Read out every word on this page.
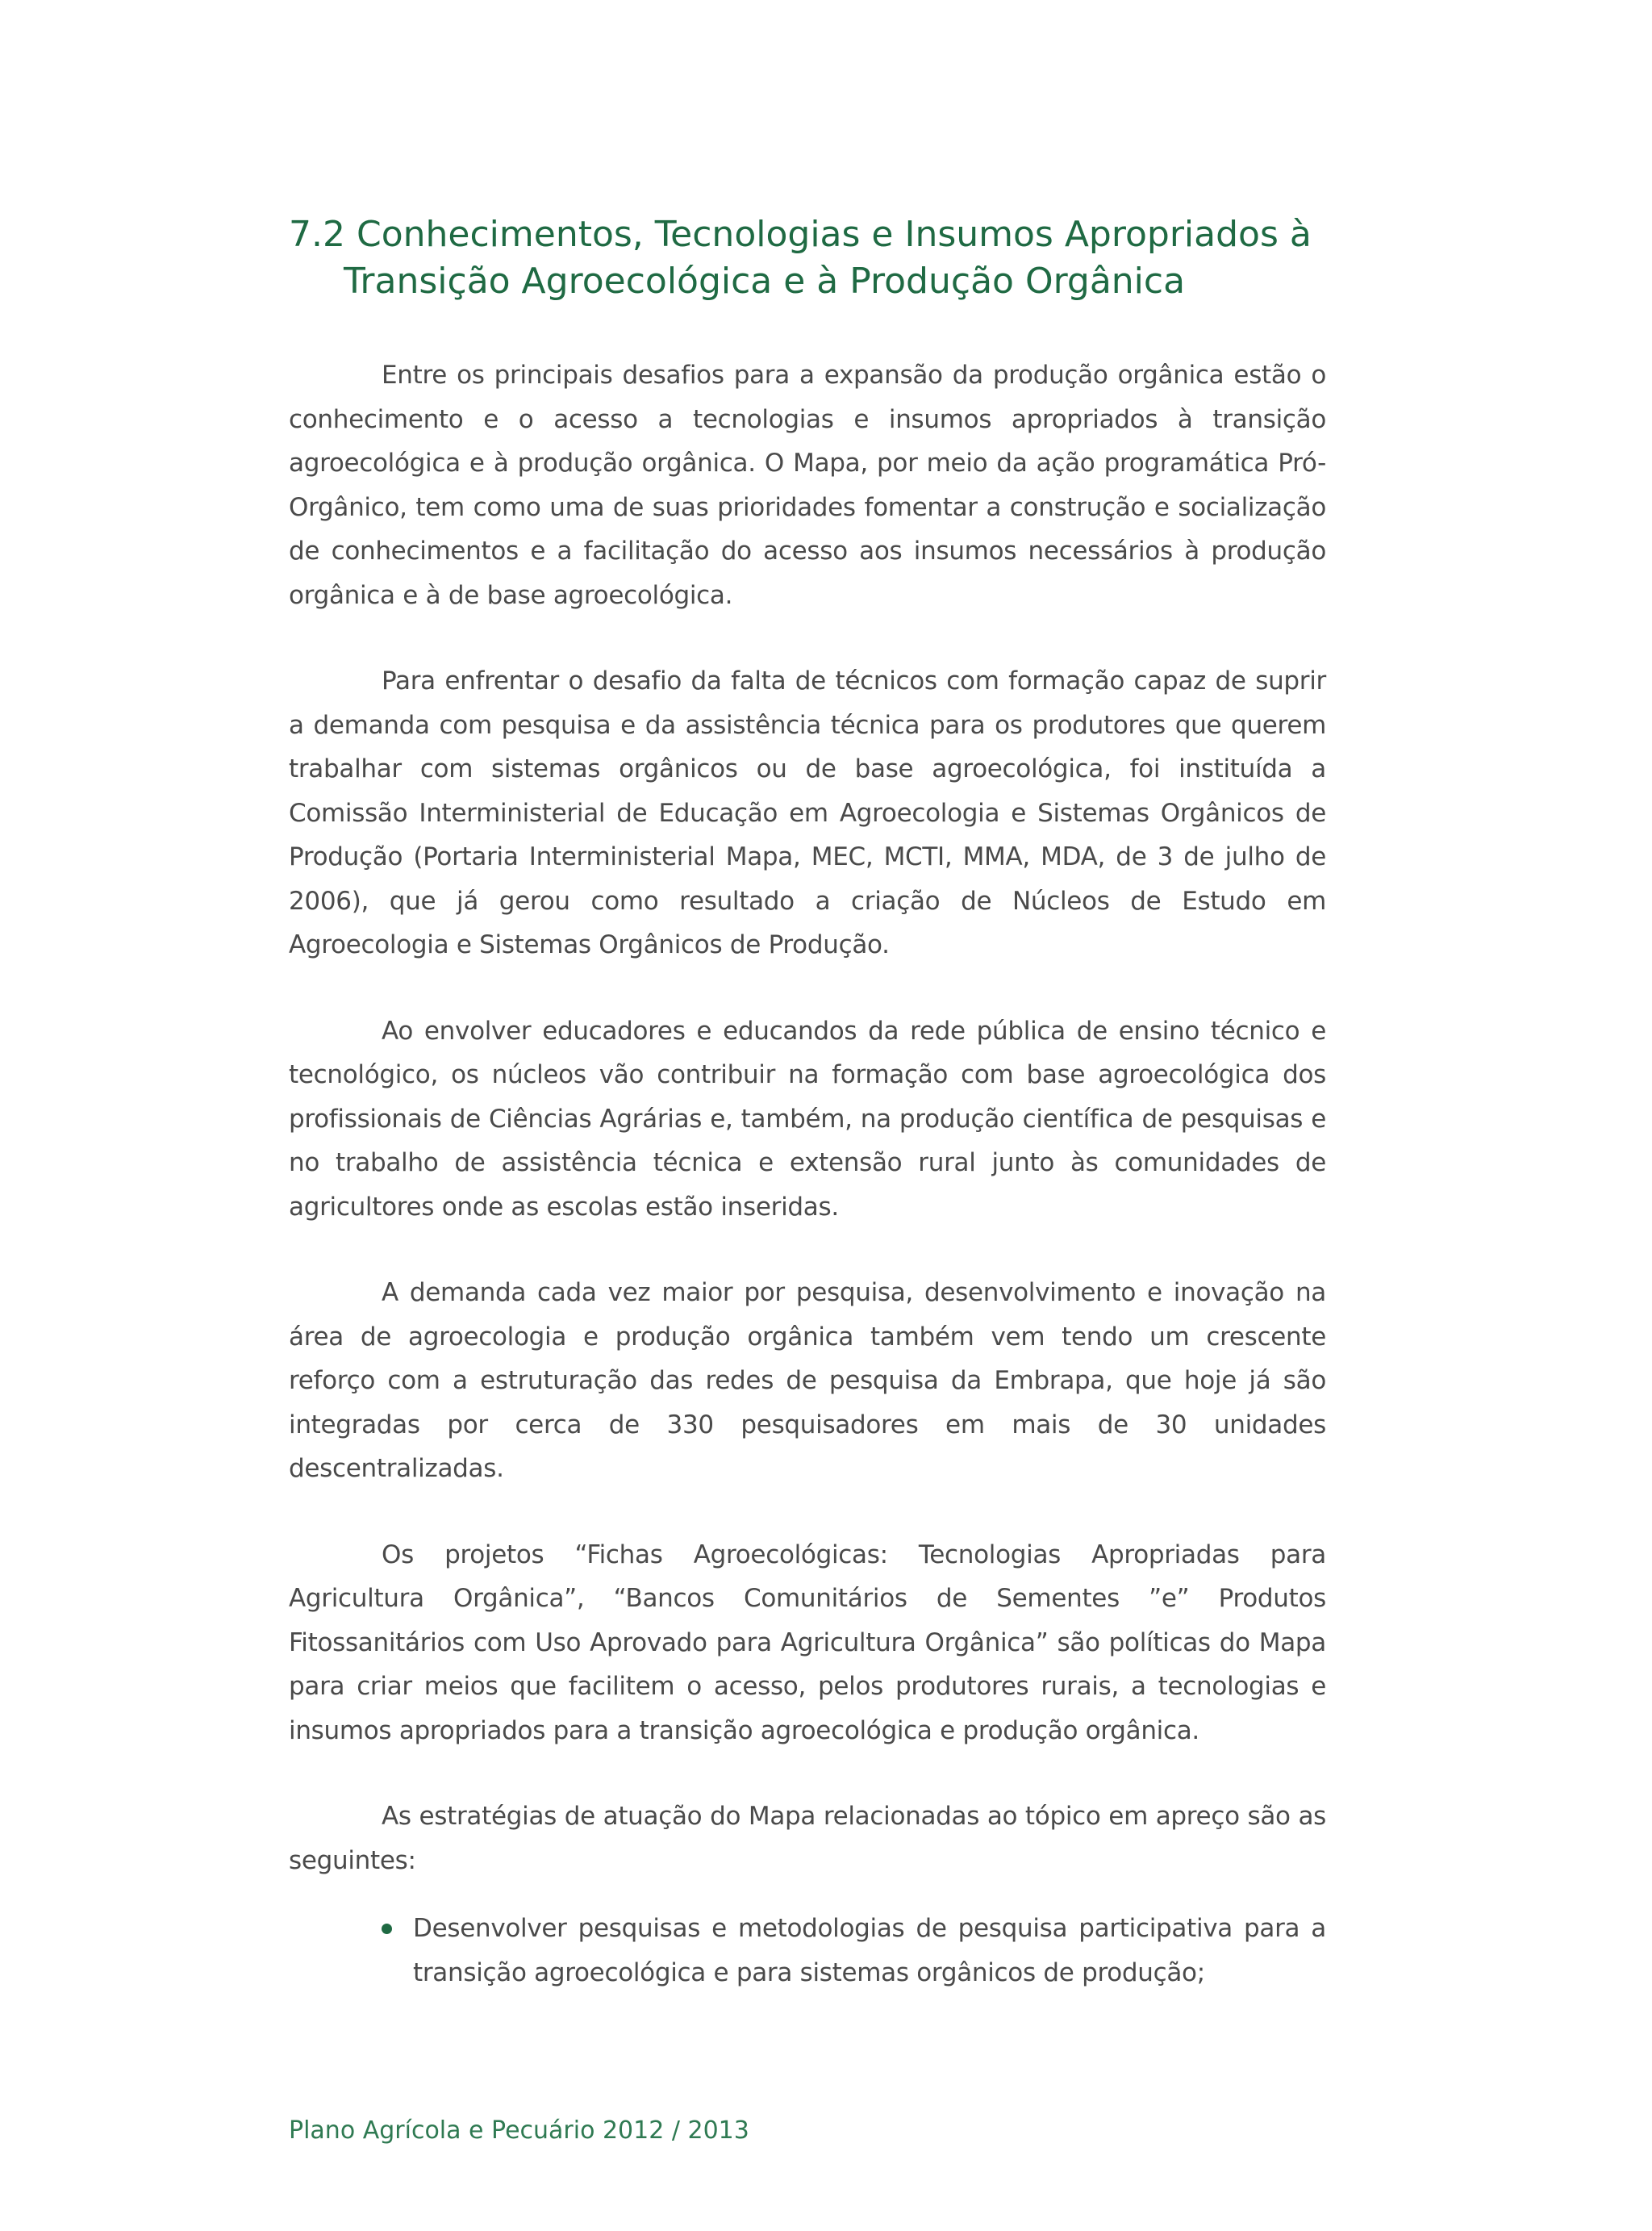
7.2 Conhecimentos, Tecnologias e Insumos Apropriados à Transição Agroecológica e à Produção Orgânica

Entre os principais desafios para a expansão da produção orgânica estão o conhecimento e o acesso a tecnologias e insumos apropriados à transição agroecológica e à produção orgânica. O Mapa, por meio da ação programática Pró-Orgânico, tem como uma de suas prioridades fomentar a construção e socialização de conhecimentos e a facilitação do acesso aos insumos necessários à produção orgânica e à de base agroecológica.

Para enfrentar o desafio da falta de técnicos com formação capaz de suprir a demanda com pesquisa e da assistência técnica para os produtores que querem trabalhar com sistemas orgânicos ou de base agroecológica, foi instituída a Comissão Interministerial de Educação em Agroecologia e Sistemas Orgânicos de Produção (Portaria Interministerial Mapa, MEC, MCTI, MMA, MDA, de 3 de julho de 2006), que já gerou como resultado a criação de Núcleos de Estudo em Agroecologia e Sistemas Orgânicos de Produção.

Ao envolver educadores e educandos da rede pública de ensino técnico e tecnológico, os núcleos vão contribuir na formação com base agroecológica dos profissionais de Ciências Agrárias e, também, na produção científica de pesquisas e no trabalho de assistência técnica e extensão rural junto às comunidades de agricultores onde as escolas estão inseridas.

A demanda cada vez maior por pesquisa, desenvolvimento e inovação na área de agroecologia e produção orgânica também vem tendo um crescente reforço com a estruturação das redes de pesquisa da Embrapa, que hoje já são integradas por cerca de 330 pesquisadores em mais de 30 unidades descentralizadas.

Os projetos “Fichas Agroecológicas: Tecnologias Apropriadas para Agricultura Orgânica”, “Bancos Comunitários de Sementes ”e” Produtos Fitossanitários com Uso Aprovado para Agricultura Orgânica” são políticas do Mapa para criar meios que facilitem o acesso, pelos produtores rurais, a tecnologias e insumos apropriados para a transição agroecológica e produção orgânica.

As estratégias de atuação do Mapa relacionadas ao tópico em apreço são as seguintes:

Desenvolver pesquisas e metodologias de pesquisa participativa para a transição agroecológica e para sistemas orgânicos de produção;
Plano Agrícola e Pecuário 2012 / 2013
